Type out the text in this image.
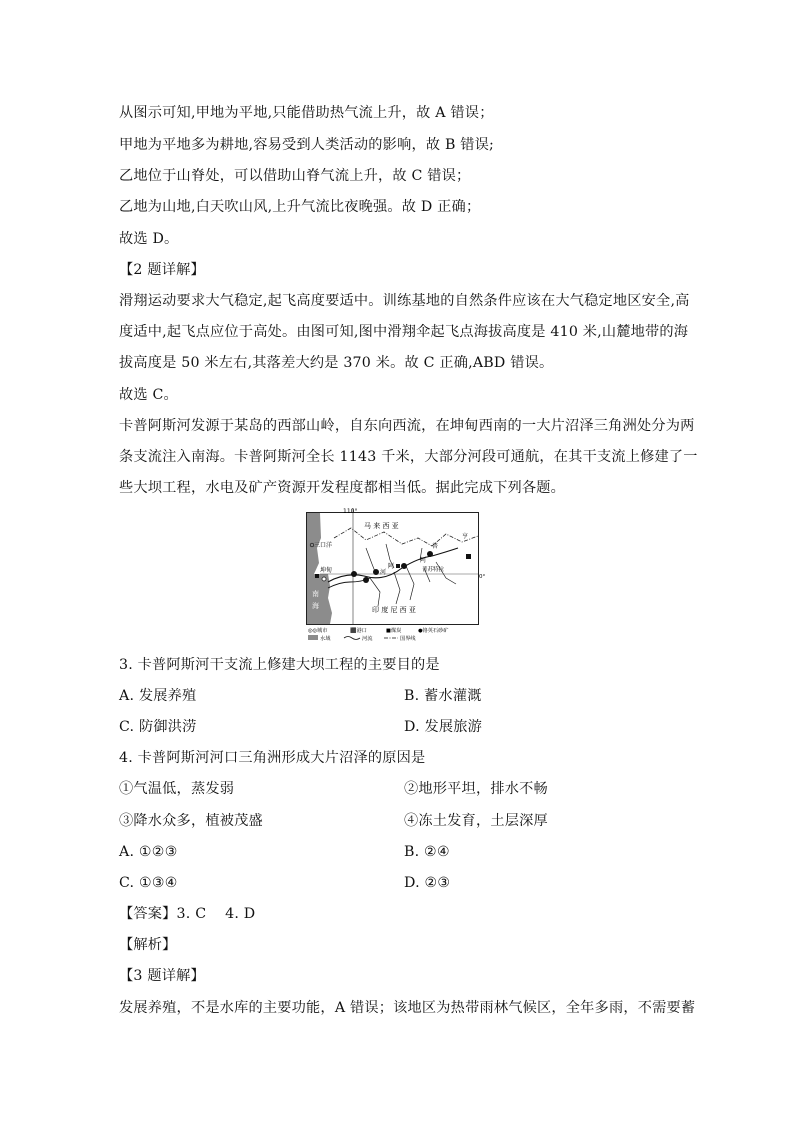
从图示可知,甲地为平地,只能借助热气流上升，故 A 错误；
甲地为平地多为耕地,容易受到人类活动的影响，故 B 错误;
乙地位于山脊处，可以借助山脊气流上升，故 C 错误；
乙地为山地,白天吹山风,上升气流比夜晚强。故 D 正确；
故选 D。
【2 题详解】
滑翔运动要求大气稳定,起飞高度要适中。训练基地的自然条件应该在大气稳定地区安全,高
度适中,起飞点应位于高处。由图可知,图中滑翔伞起飞点海拔高度是 410 米,山麓地带的海
拔高度是 50 米左右,其落差大约是 370 米。故 C 正确,ABD 错误。
故选 C。
卡普阿斯河发源于某岛的西部山岭，自东向西流，在坤甸西南的一大片沼泽三角洲处分为两
条支流注入南海。卡普阿斯河全长 1143 千米，大部分河段可通航，在其干支流上修建了一
些大坝工程，水电及矿产资源开发程度都相当低。据此完成下列各题。
南
海
110°
0°
马 来 西 亚
印 度 尼 西 亚
三口洋
坤甸	河
阿
阿
普
普苏特拉
亨
◎◎城市	⬛港口	■煤炭	●铬英石砂矿
水域	河流	国界线
3. 卡普阿斯河干支流上修建大坝工程的主要目的是
A. 发展养殖	B. 蓄水灌溉
C. 防御洪涝	D. 发展旅游
4. 卡普阿斯河河口三角洲形成大片沼泽的原因是
①气温低，蒸发弱	②地形平坦，排水不畅
③降水众多，植被茂盛	④冻土发育，土层深厚
A. ①②③	B. ②④
C. ①③④	D. ②③
【答案】3. C    4. D
【解析】
【3 题详解】
发展养殖，不是水库的主要功能，A 错误；该地区为热带雨林气候区，全年多雨，不需要蓄
